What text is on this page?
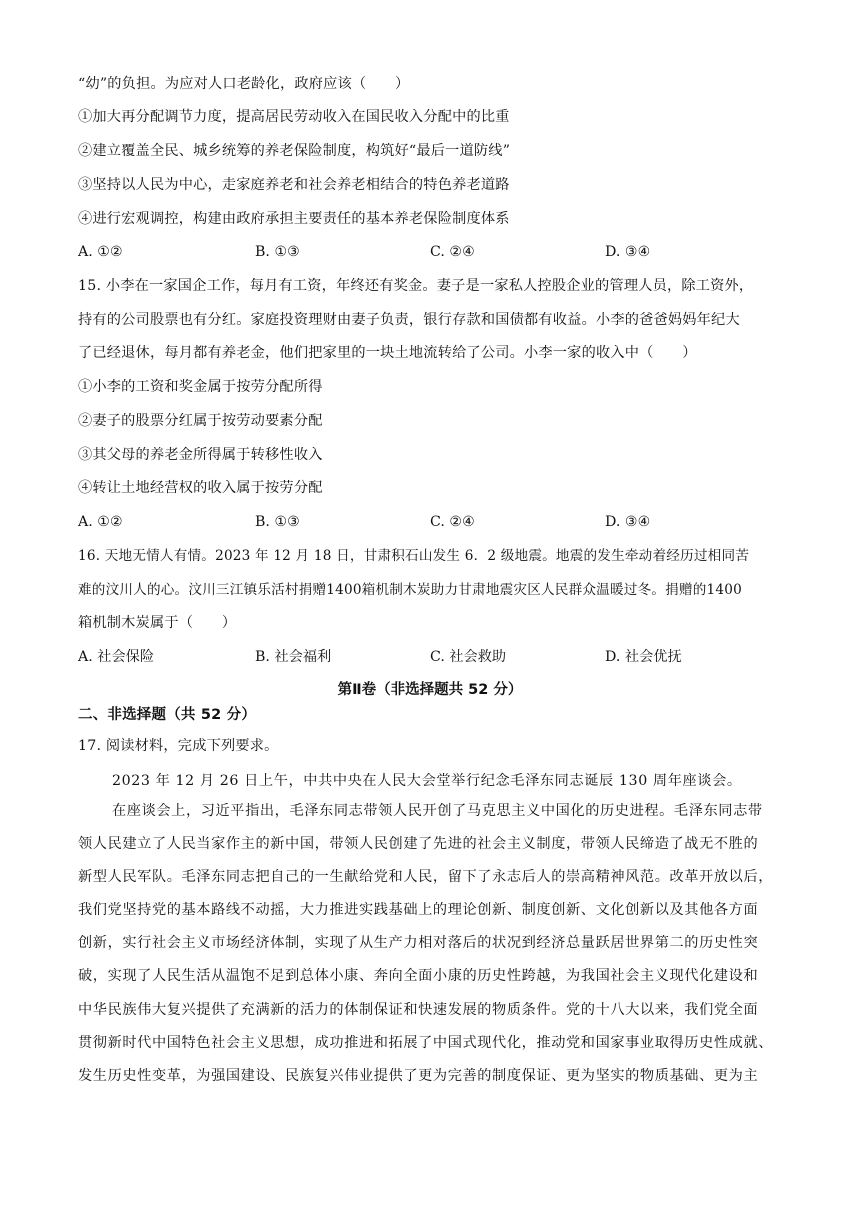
“幼”的负担。为应对人口老龄化，政府应该（　　）
①加大再分配调节力度，提高居民劳动收入在国民收入分配中的比重
②建立覆盖全民、城乡统筹的养老保险制度，构筑好“最后一道防线”
③坚持以人民为中心，走家庭养老和社会养老相结合的特色养老道路
④进行宏观调控，构建由政府承担主要责任的基本养老保险制度体系
A. ①②	B. ①③	C. ②④	D. ③④
15. 小李在一家国企工作，每月有工资，年终还有奖金。妻子是一家私人控股企业的管理人员，除工资外，
持有的公司股票也有分红。家庭投资理财由妻子负责，银行存款和国债都有收益。小李的爸爸妈妈年纪大
了已经退休，每月都有养老金，他们把家里的一块土地流转给了公司。小李一家的收入中（　　）
①小李的工资和奖金属于按劳分配所得
②妻子的股票分红属于按劳动要素分配
③其父母的养老金所得属于转移性收入
④转让土地经营权的收入属于按劳分配
A. ①②	B. ①③	C. ②④	D. ③④
16. 天地无情人有情。2023 年 12 月 18 日，甘肃积石山发生 6．2 级地震。地震的发生牵动着经历过相同苦
难的汶川人的心。汶川三江镇乐活村捐赠1400箱机制木炭助力甘肃地震灾区人民群众温暖过冬。捐赠的1400
箱机制木炭属于（　　）
A. 社会保险	B. 社会福利	C. 社会救助	D. 社会优抚
第Ⅱ卷（非选择题共 52 分）
二、非选择题（共 52 分）
17. 阅读材料，完成下列要求。
2023 年 12 月 26 日上午，中共中央在人民大会堂举行纪念毛泽东同志诞辰 130 周年座谈会。
在座谈会上，习近平指出，毛泽东同志带领人民开创了马克思主义中国化的历史进程。毛泽东同志带
领人民建立了人民当家作主的新中国，带领人民创建了先进的社会主义制度，带领人民缔造了战无不胜的
新型人民军队。毛泽东同志把自己的一生献给党和人民，留下了永志后人的崇高精神风范。改革开放以后，
我们党坚持党的基本路线不动摇，大力推进实践基础上的理论创新、制度创新、文化创新以及其他各方面
创新，实行社会主义市场经济体制，实现了从生产力相对落后的状况到经济总量跃居世界第二的历史性突
破，实现了人民生活从温饱不足到总体小康、奔向全面小康的历史性跨越，为我国社会主义现代化建设和
中华民族伟大复兴提供了充满新的活力的体制保证和快速发展的物质条件。党的十八大以来，我们党全面
贯彻新时代中国特色社会主义思想，成功推进和拓展了中国式现代化，推动党和国家事业取得历史性成就、
发生历史性变革，为强国建设、民族复兴伟业提供了更为完善的制度保证、更为坚实的物质基础、更为主
